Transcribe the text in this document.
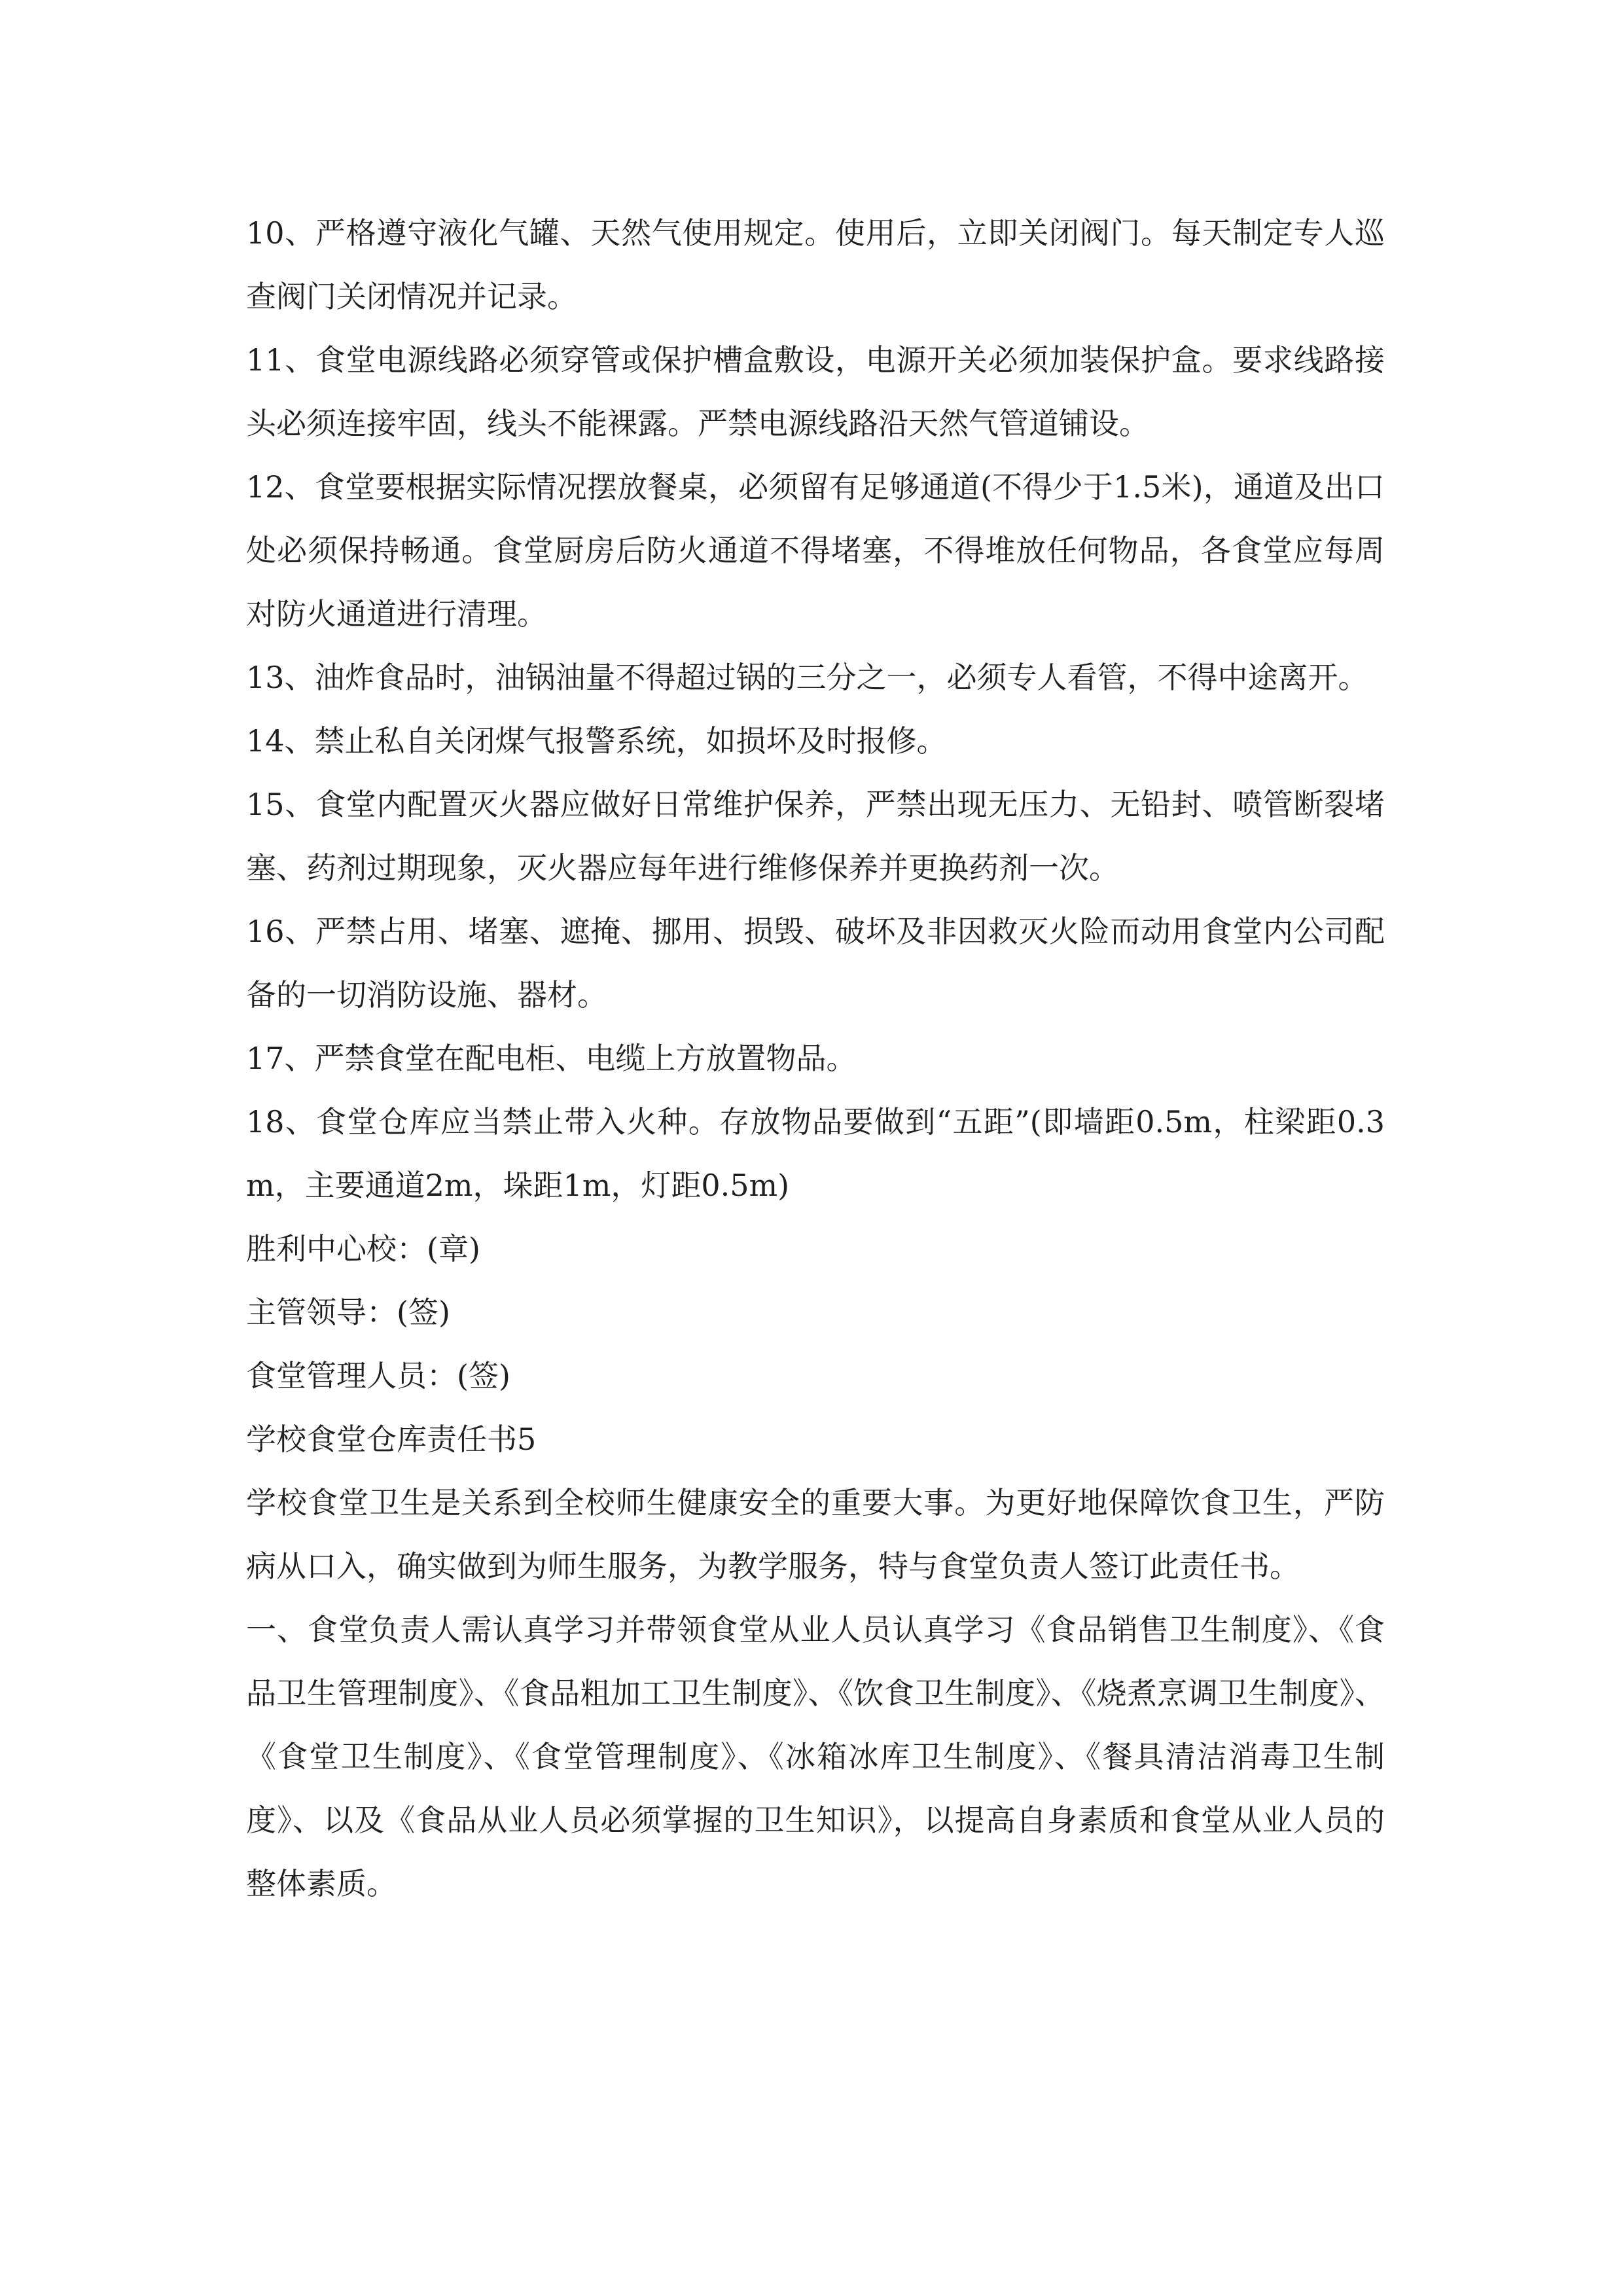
10、严格遵守液化气罐、天然气使用规定。使用后，立即关闭阀门。每天制定专人巡查阀门关闭情况并记录。

11、食堂电源线路必须穿管或保护槽盒敷设，电源开关必须加装保护盒。要求线路接头必须连接牢固，线头不能裸露。严禁电源线路沿天然气管道铺设。

12、食堂要根据实际情况摆放餐桌，必须留有足够通道(不得少于1.5米)，通道及出口处必须保持畅通。食堂厨房后防火通道不得堵塞，不得堆放任何物品，各食堂应每周对防火通道进行清理。

13、油炸食品时，油锅油量不得超过锅的三分之一，必须专人看管，不得中途离开。

14、禁止私自关闭煤气报警系统，如损坏及时报修。

15、食堂内配置灭火器应做好日常维护保养，严禁出现无压力、无铅封、喷管断裂堵塞、药剂过期现象，灭火器应每年进行维修保养并更换药剂一次。

16、严禁占用、堵塞、遮掩、挪用、损毁、破坏及非因救灭火险而动用食堂内公司配备的一切消防设施、器材。

17、严禁食堂在配电柜、电缆上方放置物品。

18、食堂仓库应当禁止带入火种。存放物品要做到“五距”(即墙距0.5m，柱梁距0.3m，主要通道2m，垛距1m，灯距0.5m)

胜利中心校：(章)

主管领导：(签)

食堂管理人员：(签)

学校食堂仓库责任书5

学校食堂卫生是关系到全校师生健康安全的重要大事。为更好地保障饮食卫生，严防病从口入，确实做到为师生服务，为教学服务，特与食堂负责人签订此责任书。

一、食堂负责人需认真学习并带领食堂从业人员认真学习《食品销售卫生制度》、《食品卫生管理制度》、《食品粗加工卫生制度》、《饮食卫生制度》、《烧煮烹调卫生制度》、《食堂卫生制度》、《食堂管理制度》、《冰箱冰库卫生制度》、《餐具清洁消毒卫生制度》、以及《食品从业人员必须掌握的卫生知识》，以提高自身素质和食堂从业人员的整体素质。
